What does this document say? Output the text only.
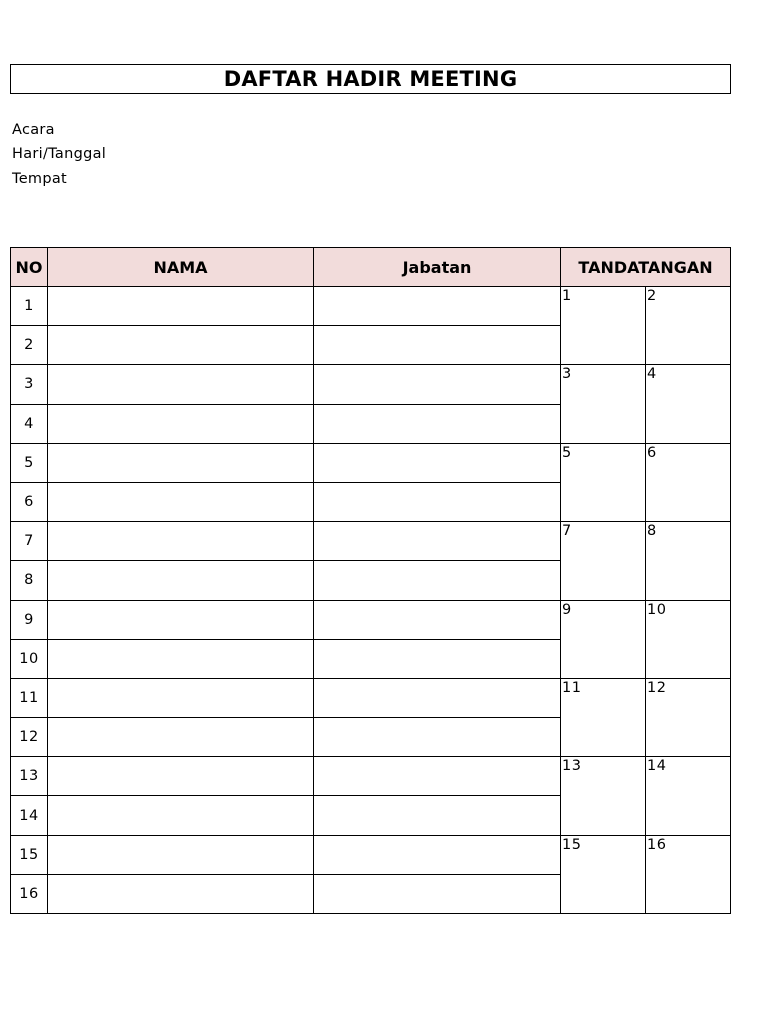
DAFTAR HADIR MEETING
Acara
Hari/Tanggal
Tempat
NO	NAMA	Jabatan	TANDATANGAN	
1			1	2
2				
3			3	4
4				
5			5	6
6				
7			7	8
8				
9			9	10
10				
11			11	12
12				
13			13	14
14				
15			15	16
16				
